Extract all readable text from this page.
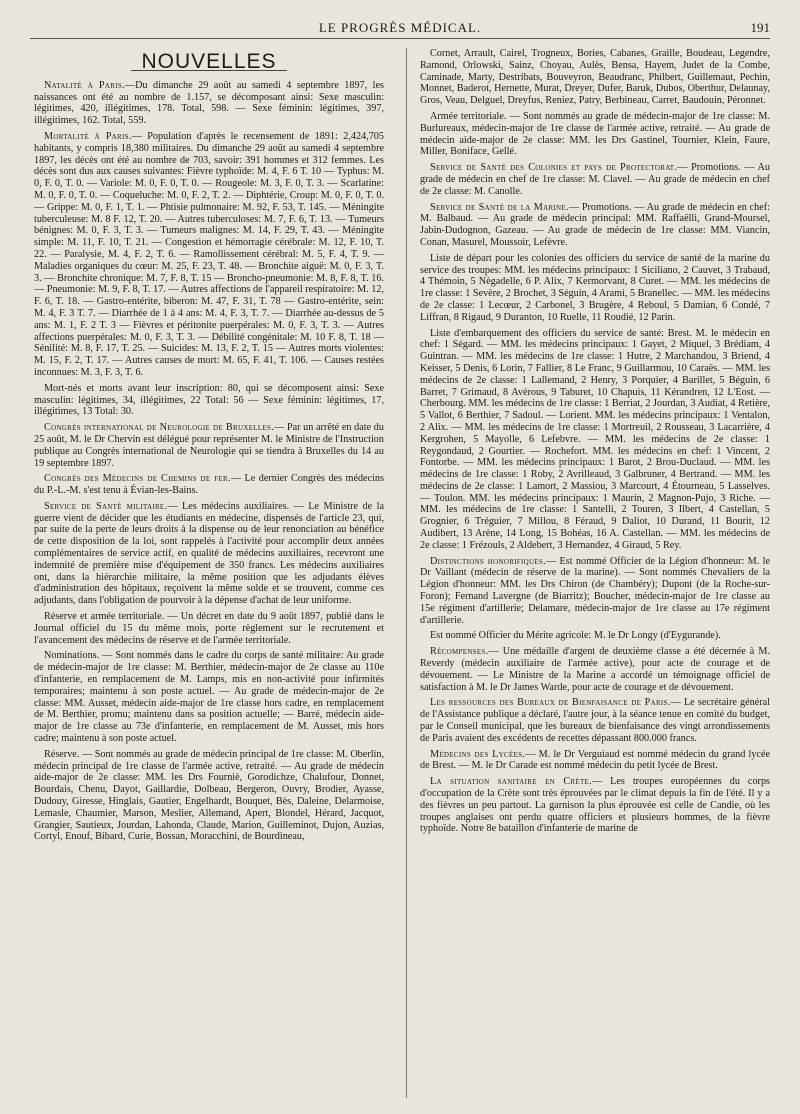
LE PROGRÈS MÉDICAL.	191
NOUVELLES

Natalité à Paris.—Du dimanche 29 août au samedi 4 septembre 1897, les naissances ont été au nombre de 1.157, se décomposant ainsi: Sexe masculin: légitimes, 420, illégitimes, 178. Total, 598. — Sexe féminin: légitimes, 397, illégitimes, 162. Total, 559.

Mortalité à Paris.— Population d'après le recensement de 1891: 2,424,705 habitants, y compris 18,380 militaires. Du dimanche 29 août au samedi 4 septembre 1897, les décès ont été au nombre de 703, savoir: 391 hommes et 312 femmes. Les décès sont dus aux causes suivantes: Fièvre typhoïde: M. 4, F. 6 T. 10 — Typhus: M. 0, F. 0, T. 0. — Variole: M. 0, F. 0, T. 0. — Rougeole: M. 3, F. 0, T. 3. — Scarlatine: M. 0, F. 0, T. 0. — Coqueluche: M. 0, F. 2, T. 2. — Diphtérie, Croup: M. 0, F. 0, T. 0. — Grippe: M. 0, F. 1, T. 1. — Phtisie pulmonaire: M. 92, F. 53, T. 145. — Méningite tuberculeuse: M. 8 F. 12, T. 20. — Autres tuberculoses: M. 7, F. 6, T. 13. — Tumeurs bénignes: M. 0, F. 3, T. 3. — Tumeurs malignes: M. 14, F. 29, T. 43. — Méningite simple: M. 11, F. 10, T. 21. — Congestion et hémorragie cérébrale: M. 12, F. 10, T. 22. — Paralysie, M. 4, F. 2, T. 6. — Ramollissement cérébral: M. 5, F. 4, T. 9. — Maladies organiques du cœur: M. 25, F. 23, T. 48. — Bronchite aiguë: M. 0, F. 3, T. 3. — Bronchite chronique: M. 7, F. 8, T. 15 — Broncho-pneumonie: M. 8, F. 8, T. 16. — Pneumonie: M. 9, F. 8, T. 17. — Autres affections de l'appareil respiratoire: M. 12, F. 6, T. 18. — Gastro-entérite, biberon: M. 47, F. 31, T. 78 — Gastro-entérite, sein: M. 4, F. 3 T. 7. — Diarrhée de 1 à 4 ans: M. 4, F. 3, T. 7. — Diarrhée au-dessus de 5 ans: M. 1, F. 2 T. 3 — Fièvres et péritonite puerpérales: M. 0, F. 3, T. 3. — Autres affections puerpérales: M. 0, F. 3, T. 3. — Débilité congénitale: M. 10 F. 8, T. 18 — Sénilité: M. 8, F. 17, T. 25. — Suicides: M. 13, F. 2, T. 15 — Autres morts violentes: M. 15, F. 2, T. 17. — Autres causes de mort: M. 65, F. 41, T. 106. — Causes restées inconnues: M. 3, F. 3, T. 6.

Mort-nés et morts avant leur inscription: 80, qui se décomposent ainsi: Sexe masculin: légitimes, 34, illégitimes, 22 Total: 56 — Sexe féminin: légitimes, 17, illégitimes, 13 Total: 30.

Congrès international de Neurologie de Bruxelles.— Par un arrêté en date du 25 août, M. le Dr Chervin est délégué pour représenter M. le Ministre de l'Instruction publique au Congrès international de Neurologie qui se tiendra à Bruxelles du 14 au 19 septembre 1897.

Congrès des Médecins de Chemins de fer.— Le dernier Congrès des médecins du P.-L.-M. s'est tenu à Évian-les-Bains.

Service de Santé militaire.— Les médecins auxiliaires. — Le Ministre de la guerre vient de décider que les étudiants en médecine, dispensés de l'article 23, qui, par suite de la perte de leurs droits à la dispense ou de leur renonciation au bénéfice de cette disposition de la loi, sont rappelés à l'activité pour accomplir deux années complémentaires de service actif, en qualité de médecins auxiliaires, recevront une indemnité de première mise d'équipement de 350 francs. Les médecins auxiliaires ont, dans la hiérarchie militaire, la même position que les adjudants élèves d'administration des hôpitaux, reçoivent la même solde et se trouvent, comme ces adjudants, dans l'obligation de pourvoir à la dépense d'achat de leur uniforme.

Réserve et armée territoriale. — Un décret en date du 9 août 1897, publié dans le Journal officiel du 15 du même mois, porte règlement sur le recrutement et l'avancement des médecins de réserve et de l'armée territoriale.

Nominations. — Sont nommés dans le cadre du corps de santé militaire: Au grade de médecin-major de 1re classe: M. Berthier, médecin-major de 2e classe au 110e d'infanterie, en remplacement de M. Lamps, mis en non-activité pour infirmités temporaires; maintenu à son poste actuel. — Au grade de médecin-major de 2e classe: MM. Ausset, médecin aide-major de 1re classe hors cadre, en remplacement de M. Berthier, promu; maintenu dans sa position actuelle; — Barré, médecin aide-major de 1re classe au 73e d'infanterie, en remplacement de M. Ausset, mis hors cadre; maintenu à son poste actuel.

Réserve. — Sont nommés au grade de médecin principal de 1re classe: M. Oberlin, médecin principal de 1re classe de l'armée active, retraité. — Au grade de médecin aide-major de 2e classe: MM. les Drs Fourniè, Gorodichze, Chalufour, Donnet, Bourdais, Chenu, Dayot, Gaillardie, Dolbeau, Bergeron, Ouvry, Brodier, Ayasse, Dudouy, Giresse, Hinglais, Gautier, Engelhardt, Bouquet, Bès, Daleine, Delarmoise, Lemasle, Chaumier, Marson, Meslier, Allemand, Apert, Blondel, Hérard, Jacquot, Grangier, Sautieux, Jourdan, Lahonda, Claude, Marion, Guilleminot, Dujon, Auzias, Cortyl, Enouf, Bibard, Curie, Bossan, Moracchini, de Bourdineau,

Cornet, Arrault, Cairel, Trogneux, Bories, Cabanes, Graille, Boudeau, Legendre, Ramond, Orlowski, Sainz, Choyau, Aulès, Bensa, Hayem, Judet de la Combe, Caminade, Marty, Destribats, Bouveyron, Beaudranc, Philbert, Guillemaut, Pechin, Monnet, Baderot, Hernette, Murat, Dreyer, Dufer, Baruk, Dubos, Oberthur, Delaunay, Gros, Veau, Delguel, Dreyfus, Reniez, Patry, Berbineau, Carret, Baudouin, Péronnet.

Armée territoriale. — Sont nommés au grade de médecin-major de 1re classe: M. Burlureaux, médecin-major de 1re classe de l'armée active, retraité. — Au grade de médecin aide-major de 2e classe: MM. les Drs Gastinel, Tournier, Klein, Faure, Miller, Boniface, Gellé.

Service de Santé des Colonies et pays de Protectorat.— Promotions. — Au grade de médecin en chef de 1re classe: M. Clavel. — Au grade de médecin en chef de 2e classe: M. Canolle.

Service de Santé de la Marine.— Promotions. — Au grade de médecin en chef: M. Balbaud. — Au grade de médecin principal: MM. Raffaëlli, Grand-Moursel, Jabin-Dudognon, Gazeau. — Au grade de médecin de 1re classe: MM. Viancin, Conan, Masurel, Moussoir, Lefèvre.

Liste de départ pour les colonies des officiers du service de santé de la marine du service des troupes: MM. les médecins principaux: 1 Siciliano, 2 Cauvet, 3 Trabaud, 4 Thémoin, 5 Nègadelle, 6 P. Alix, 7 Kermorvant, 8 Curet. — MM. les médecins de 1re classe: 1 Sevère, 2 Brochet, 3 Séguin, 4 Arami, 5 Branellec. — MM. les médecins de 2e classe: 1 Lecœur, 2 Carbonel, 3 Brugère, 4 Reboul, 5 Damian, 6 Condé, 7 Liffran, 8 Rigaud, 9 Duranton, 10 Ruelle, 11 Roudié, 12 Parin.

Liste d'embarquement des officiers du service de santé: Brest. M. le médecin en chef: 1 Ségard. — MM. les médecins principaux: 1 Gayet, 2 Miquel, 3 Brédiam, 4 Guintran. — MM. les médecins de 1re classe: 1 Hutre, 2 Marchandou, 3 Briend, 4 Keisser, 5 Denis, 6 Lorin, 7 Fallier, 8 Le Franc, 9 Guillarmou, 10 Caraës. — MM. les médecins de 2e classe: 1 Lallemand, 2 Henry, 3 Porquier, 4 Barillet, 5 Béguin, 6 Barret, 7 Grimaud, 8 Avérous, 9 Taburet, 10 Chapuis, 11 Kérandren, 12 L'Eost. — Cherbourg. MM. les médecins de 1re classe: 1 Berriat, 2 Jourdan, 3 Audiat, 4 Retière, 5 Vallot, 6 Berthier, 7 Sadoul. — Lorient. MM. les médecins principaux: 1 Ventalon, 2 Alix. — MM. les médecins de 1re classe: 1 Mortreuil, 2 Rousseau, 3 Lacarrière, 4 Kergrohen, 5 Mayolle, 6 Lefebvre. — MM. les médecins de 2e classe: 1 Reygondaud, 2 Gourtier. — Rochefort. MM. les médecins en chef: 1 Vincent, 2 Fontorbe. — MM. les médecins principaux: 1 Barot, 2 Brou-Duclaud. — MM. les médecins de 1re classe: 1 Roby, 2 Avrilleaud, 3 Galbruner, 4 Bertrand. — MM. les médecins de 2e classe: 1 Lamort, 2 Massiou, 3 Marcourt, 4 Étourneau, 5 Lasselves. — Toulon. MM. les médecins principaux: 1 Maurin, 2 Magnon-Pujo, 3 Riche. — MM. les médecins de 1re classe: 1 Santelli, 2 Touren, 3 Ilbert, 4 Castellan, 5 Grognier, 6 Tréguier, 7 Millou, 8 Féraud, 9 Daliot, 10 Durand, 11 Bourit, 12 Audibert, 13 Arène, 14 Long, 15 Bohéas, 16 A. Castellan. — MM. les médecins de 2e classe: 1 Frézouls, 2 Aldebert, 3 Hernandez, 4 Giraud, 5 Rey.

Distinctions honorifiques.— Est nommé Officier de la Légion d'honneur: M. le Dr Vaillant (médecin de réserve de la marine). — Sont nommés Chevaliers de la Légion d'honneur: MM. les Drs Chiron (de Chambéry); Dupont (de la Roche-sur-Foron); Fernand Lavergne (de Biarritz); Boucher, médecin-major de 1re classe au 15e régiment d'artillerie; Delamare, médecin-major de 1re classe au 17e régiment d'artillerie.

Est nommé Officier du Mérite agricole: M. le Dr Longy (d'Eygurande).

Récompenses.— Une médaille d'argent de deuxième classe a été décernée à M. Reverdy (médecin auxiliaire de l'armée active), pour acte de courage et de dévouement. — Le Ministre de la Marine a accordé un témoignage officiel de satisfaction à M. le Dr James Warde, pour acte de courage et de dévouement.

Les ressources des Bureaux de Bienfaisance de Paris.— Le secrétaire général de l'Assistance publique a déclaré, l'autre jour, à la séance tenue en comité du budget, par le Conseil municipal, que les bureaux de bienfaisance des vingt arrondissements de Paris avaient des excédents de recettes dépassant 800.000 francs.

Médecins des Lycées.— M. le Dr Verguiaud est nommé médecin du grand lycée de Brest. — M. le Dr Carade est nommé médecin du petit lycée de Brest.

La situation sanitaire en Crète.— Les troupes européennes du corps d'occupation de la Crète sont très éprouvées par le climat depuis la fin de l'été. Il y a des fièvres un peu partout. La garnison la plus éprouvée est celle de Candie, où les troupes anglaises ont perdu quatre officiers et plusieurs hommes, de la fièvre typhoïde. Notre 8e bataillon d'infanterie de marine de
